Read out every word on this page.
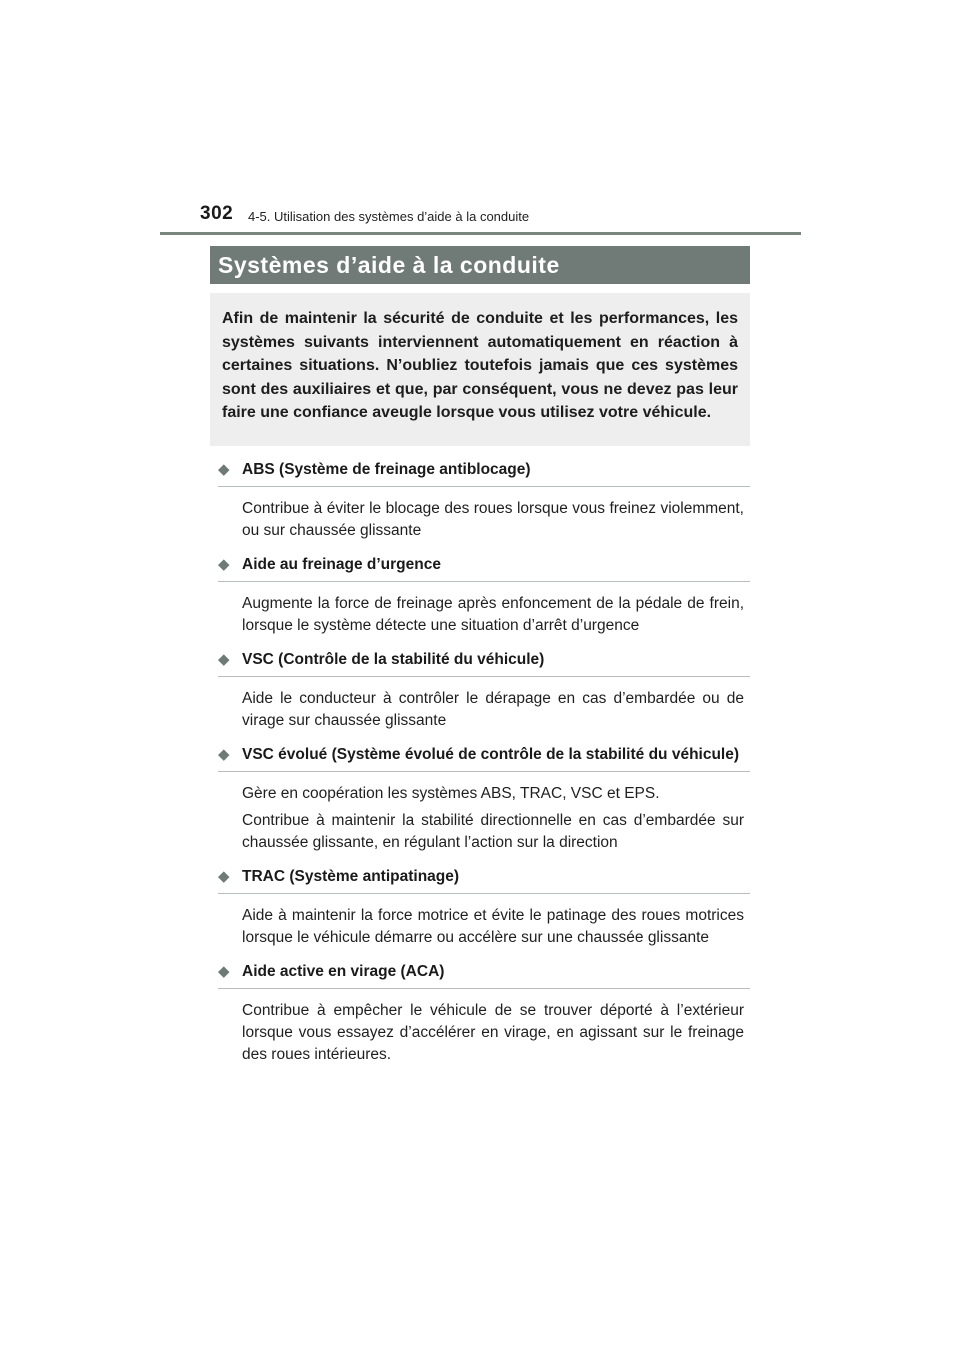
302 4-5. Utilisation des systèmes d’aide à la conduite
Systèmes d’aide à la conduite

Afin de maintenir la sécurité de conduite et les performances, les systèmes suivants interviennent automatiquement en réaction à certaines situations. N’oubliez toutefois jamais que ces systèmes sont des auxiliaires et que, par conséquent, vous ne devez pas leur faire une confiance aveugle lorsque vous utilisez votre véhicule.

◆ ABS (Système de freinage antiblocage)

Contribue à éviter le blocage des roues lorsque vous freinez violemment, ou sur chaussée glissante

◆ Aide au freinage d’urgence

Augmente la force de freinage après enfoncement de la pédale de frein, lorsque le système détecte une situation d’arrêt d’urgence

◆ VSC (Contrôle de la stabilité du véhicule)

Aide le conducteur à contrôler le dérapage en cas d’embardée ou de virage sur chaussée glissante

◆ VSC évolué (Système évolué de contrôle de la stabilité du véhicule)

Gère en coopération les systèmes ABS, TRAC, VSC et EPS.

Contribue à maintenir la stabilité directionnelle en cas d’embardée sur chaussée glissante, en régulant l’action sur la direction

◆ TRAC (Système antipatinage)

Aide à maintenir la force motrice et évite le patinage des roues motrices lorsque le véhicule démarre ou accélère sur une chaussée glissante

◆ Aide active en virage (ACA)

Contribue à empêcher le véhicule de se trouver déporté à l’extérieur lorsque vous essayez d’accélérer en virage, en agissant sur le freinage des roues intérieures.
